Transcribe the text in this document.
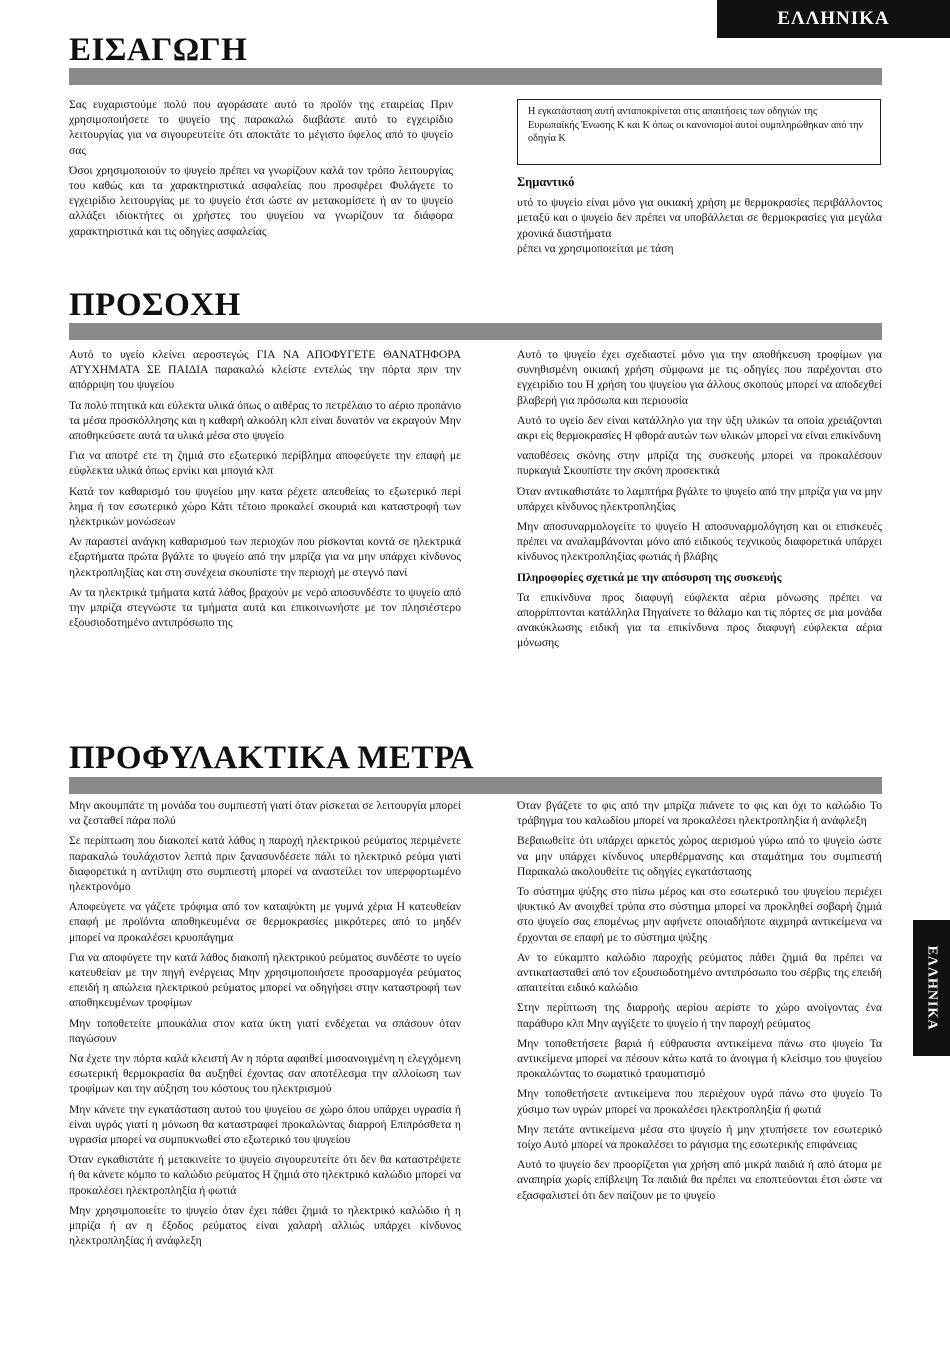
ΕΛΛΗΝΙΚΑ
ΕΛΛΗΝΙΚΑ
ΕΙΣΑΓΩΓΗ

Σας ευχαριστούμε πολύ που αγοράσατε αυτό το προϊόν της εταιρείας Πριν χρησιμοποιήσετε το ψυγείο της παρακαλώ διαβάστε αυτό το εγχειρίδιο λειτουργίας για να σιγουρευτείτε ότι αποκτάτε το μέγιστο όφελος από το ψυγείο σας

Όσοι χρησιμοποιούν το ψυγείο πρέπει να γνωρίζουν καλά τον τρόπο λειτουργίας του καθώς και τα χαρακτηριστικά ασφαλείας που προσφέρει Φυλάγετε το εγχειρίδιο λειτουργίας με το ψυγείο έτσι ώστε αν μετακομίσετε ή αν το ψυγείο αλλάξει ιδιοκτήτες οι χρήστες του ψυγείου να γνωρίζουν τα διάφορα χαρακτηριστικά και τις οδηγίες ασφαλείας

Η εγκατάσταση αυτή ανταποκρίνεται στις απαιτήσεις των οδηγιών της Ευρωπαϊκής Ένωσης Κ και Κ όπως οι κανονισμοί αυτοί συμπληρώθηκαν από την οδηγία Κ

Σημαντικό

υτό το ψυγείο είναι μόνο για οικιακή χρήση με θερμοκρασίες περιβάλλοντος μεταξύ και ο ψυγείο δεν πρέπει να υποβάλλεται σε θερμοκρασίες για μεγάλα χρονικά διαστήματα

ρέπει να χρησιμοποιείται με τάση

ΠΡΟΣΟΧΗ

Αυτό το υγείο κλείνει αεροστεγώς ΓΙΑ ΝΑ ΑΠΟΦΥΓΕΤΕ ΘΑΝΑΤΗΦΟΡΑ ΑΤΥΧΗΜΑΤΑ ΣΕ ΠΑΙΔΙΑ παρακαλώ κλείστε εντελώς την πόρτα πριν την απόρριψη του ψυγείου

Τα πολύ πτητικά και εύλεκτα υλικά όπως ο αιθέρας το πετρέλαιο το αέριο προπάνιο τα μέσα προσκόλλησης και η καθαρή αλκοόλη κλπ είναι δυνατόν να εκραγούν Μην αποθηκεύσετε αυτά τα υλικά μέσα στο ψυγείο

Για να αποτρέ ετε τη ζημιά στο εξωτερικό περίβλημα αποφεύγετε την επαφή με εύφλεκτα υλικά όπως ερνίκι και μπογιά κλπ

Κατά τον καθαρισμό του ψυγείου μην κατα ρέχετε απευθείας το εξωτερικό περί λημα ή τον εσωτερικό χώρο Κάτι τέτοιο προκαλεί σκουριά και καταστροφή των ηλεκτρικών μονώσεων

Αν παραστεί ανάγκη καθαρισμού των περιοχών που ρίσκονται κοντά σε ηλεκτρικά εξαρτήματα πρώτα βγάλτε το ψυγείο από την μπρίζα για να μην υπάρχει κίνδυνος ηλεκτροπληξίας και στη συνέχεια σκουπίστε την περιοχή με στεγνό πανί

Αν τα ηλεκτρικά τμήματα κατά λάθος βραχούν με νερό αποσυνδέστε το ψυγείο από την μπρίζα στεγνώστε τα τμήματα αυτά και επικοινωνήστε με τον πλησιέστερο εξουσιοδοτημένο αντιπρόσωπο της

Αυτό το ψυγείο έχει σχεδιαστεί μόνο για την αποθήκευση τροφίμων για συνηθισμένη οικιακή χρήση σύμφωνα με τις οδηγίες που παρέχονται στο εγχειρίδιο του Η χρήση του ψυγείου για άλλους σκοπούς μπορεί να αποδεχθεί βλαβερή για πρόσωπα και περιουσία

Αυτό το υγείο δεν είναι κατάλληλο για την ύξη υλικών τα οποία χρειάζονται ακρι είς θερμοκρασίες Η φθορά αυτών των υλικών μπορεί να είναι επικίνδυνη

ναποθέσεις σκόνης στην μπρίζα της συσκευής μπορεί να προκαλέσουν πυρκαγιά Σκουπίστε την σκόνη προσεκτικά

Όταν αντικαθιστάτε το λαμπτήρα βγάλτε το ψυγείο από την μπρίζα για να μην υπάρχει κίνδυνος ηλεκτροπληξίας

Μην αποσυναρμολογείτε το ψυγείο Η αποσυναρμολόγηση και οι επισκευές πρέπει να αναλαμβάνονται μόνο από ειδικούς τεχνικούς διαφορετικά υπάρχει κίνδυνος ηλεκτροπληξίας φωτιάς ή βλάβης

Πληροφορίες σχετικά με την απόσυρση της συσκευής

Τα επικίνδυνα προς διαφυγή εύφλεκτα αέρια μόνωσης πρέπει να απορρίπτονται κατάλληλα Πηγαίνετε το θάλαμο και τις πόρτες σε μια μονάδα ανακύκλωσης ειδική για τα επικίνδυνα προς διαφυγή εύφλεκτα αέρια μόνωσης

ΠΡΟΦΥΛΑΚΤΙΚΑ ΜΕΤΡΑ

Μην ακουμπάτε τη μονάδα του συμπιεστή γιατί όταν ρίσκεται σε λειτουργία μπορεί να ζεσταθεί πάρα πολύ

Σε περίπτωση που διακοπεί κατά λάθος η παροχή ηλεκτρικού ρεύματος περιμένετε παρακαλώ τουλάχιστον λεπτά πριν ξανασυνδέσετε πάλι το ηλεκτρικό ρεύμα γιατί διαφορετικά η αντίλιψη στο συμπιεστή μπορεί να αναστείλει τον υπερφορτωμένο ηλεκτρονόμο

Αποφεύγετε να γάζετε τρόφιμα από τον καταψύκτη με γυμνά χέρια Η κατευθείαν επαφή με προϊόντα αποθηκευμένα σε θερμοκρασίες μικρότερες από το μηδέν μπορεί να προκαλέσει κρυοπάγημα

Για να αποφύγετε την κατά λάθος διακοπή ηλεκτρικού ρεύματος συνδέστε το υγείο κατευθείαν με την πηγή ενέργειας Μην χρησιμοποιήσετε προσαρμογέα ρεύματος επειδή η απώλεια ηλεκτρικού ρεύματος μπορεί να οδηγήσει στην καταστροφή των αποθηκευμένων τροφίμων

Μην τοποθετείτε μπουκάλια στον κατα ύκτη γιατί ενδέχεται να σπάσουν όταν παγώσουν

Να έχετε την πόρτα καλά κλειστή Αν η πόρτα αφαιθεί μισοανοιγμένη η ελεγχόμενη εσωτερική θερμοκρασία θα αυξηθεί έχοντας σαν αποτέλεσμα την αλλοίωση των τροφίμων και την αύξηση του κόστους του ηλεκτρισμού

Μην κάνετε την εγκατάσταση αυτού του ψυγείου σε χώρο όπου υπάρχει υγρασία ή είναι υγρός γιατί η μόνωση θα καταστραφεί προκαλώντας διαρροή Επιπρόσθετα η υγρασία μπορεί να συμπυκνωθεί στο εξωτερικό του ψυγείου

Όταν εγκαθιστάτε ή μετακινείτε το ψυγείο σιγουρευτείτε ότι δεν θα καταστρέψετε ή θα κάνετε κόμπο το καλώδιο ρεύματος Η ζημιά στο ηλεκτρικό καλώδιο μπορεί να προκαλέσει ηλεκτροπληξία ή φωτιά

Μην χρησιμοποιείτε το ψυγείο όταν έχει πάθει ζημιά το ηλεκτρικό καλώδιο ή η μπρίζα ή αν η έξοδος ρεύματος είναι χαλαρή αλλιώς υπάρχει κίνδυνος ηλεκτροπληξίας ή ανάφλεξη

Όταν βγάζετε το φις από την μπρίζα πιάνετε το φις και όχι το καλώδιο Το τράβηγμα του καλωδίου μπορεί να προκαλέσει ηλεκτροπληξία ή ανάφλεξη

Βεβαιωθείτε ότι υπάρχει αρκετός χώρος αερισμού γύρω από το ψυγείο ώστε να μην υπάρχει κίνδυνος υπερθέρμανσης και σταμάτημα του συμπιεστή Παρακαλώ ακολουθείτε τις οδηγίες εγκατάστασης

Το σύστημα ψύξης στο πίσω μέρος και στο εσωτερικό του ψυγείου περιέχει ψυκτικό Αν ανοιχθεί τρύπα στο σύστημα μπορεί να προκληθεί σοβαρή ζημιά στο ψυγείο σας επομένως μην αφήνετε οποιαδήποτε αιχμηρά αντικείμενα να έρχονται σε επαφή με το σύστημα ψύξης

Αν το εύκαμπτο καλώδιο παροχής ρεύματος πάθει ζημιά θα πρέπει να αντικατασταθεί από τον εξουσιοδοτημένο αντιπρόσωπο του σέρβις της επειδή απαιτείται ειδικό καλώδιο

Στην περίπτωση της διαρροής αερίου αερίστε το χώρο ανοίγοντας ένα παράθυρο κλπ Μην αγγίξετε το ψυγείο ή την παροχή ρεύματος

Μην τοποθετήσετε βαριά ή εύθραυστα αντικείμενα πάνω στο ψυγείο Τα αντικείμενα μπορεί να πέσουν κάτω κατά το άνοιγμα ή κλείσιμο του ψυγείου προκαλώντας το σωματικό τραυματισμό

Μην τοποθετήσετε αντικείμενα που περιέχουν υγρά πάνω στο ψυγείο Το χύσιμο των υγρών μπορεί να προκαλέσει ηλεκτροπληξία ή φωτιά

Μην πετάτε αντικείμενα μέσα στο ψυγείο ή μην χτυπήσετε τον εσωτερικό τοίχο Αυτό μπορεί να προκαλέσει το ράγισμα της εσωτερικής επιφάνειας

Αυτό το ψυγείο δεν προορίζεται για χρήση από μικρά παιδιά ή από άτομα με αναπηρία χωρίς επίβλεψη Τα παιδιά θα πρέπει να εποπτεύονται έτσι ώστε να εξασφαλιστεί ότι δεν παίζουν με το ψυγείο
